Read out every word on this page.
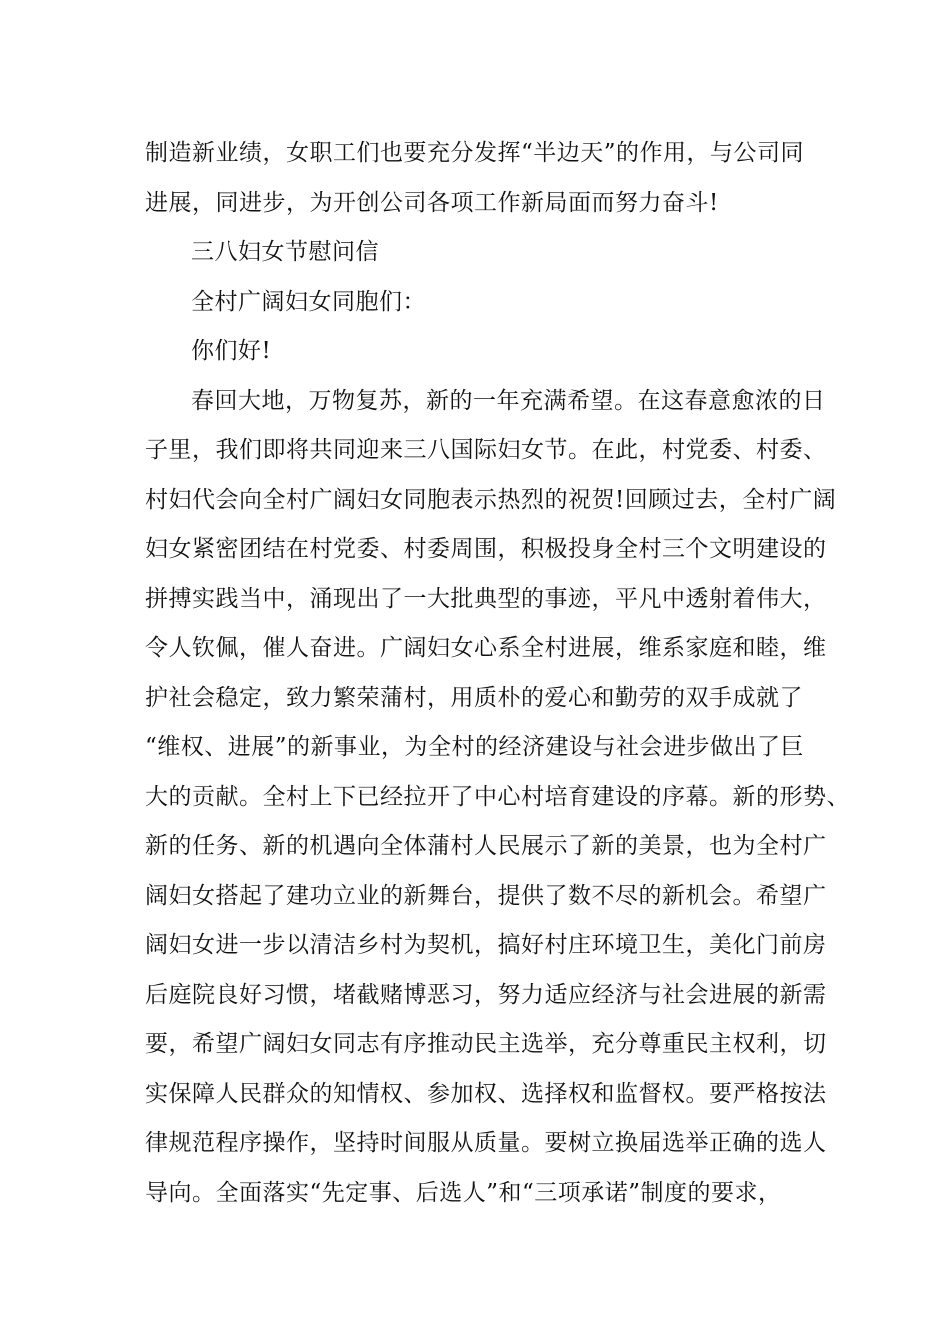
制造新业绩，女职工们也要充分发挥“半边天”的作用，与公司同
进展，同进步，为开创公司各项工作新局面而努力奋斗!
三八妇女节慰问信
全村广阔妇女同胞们：
你们好!
春回大地，万物复苏，新的一年充满希望。在这春意愈浓的日
子里，我们即将共同迎来三八国际妇女节。在此，村党委、村委、
村妇代会向全村广阔妇女同胞表示热烈的祝贺!回顾过去，全村广阔
妇女紧密团结在村党委、村委周围，积极投身全村三个文明建设的
拼搏实践当中，涌现出了一大批典型的事迹，平凡中透射着伟大，
令人钦佩，催人奋进。广阔妇女心系全村进展，维系家庭和睦，维
护社会稳定，致力繁荣蒲村，用质朴的爱心和勤劳的双手成就了
“维权、进展”的新事业，为全村的经济建设与社会进步做出了巨
大的贡献。全村上下已经拉开了中心村培育建设的序幕。新的形势、
新的任务、新的机遇向全体蒲村人民展示了新的美景，也为全村广
阔妇女搭起了建功立业的新舞台，提供了数不尽的新机会。希望广
阔妇女进一步以清洁乡村为契机，搞好村庄环境卫生，美化门前房
后庭院良好习惯，堵截赌博恶习，努力适应经济与社会进展的新需
要，希望广阔妇女同志有序推动民主选举，充分尊重民主权利，切
实保障人民群众的知情权、参加权、选择权和监督权。要严格按法
律规范程序操作，坚持时间服从质量。要树立换届选举正确的选人
导向。全面落实“先定事、后选人”和“三项承诺”制度的要求，
